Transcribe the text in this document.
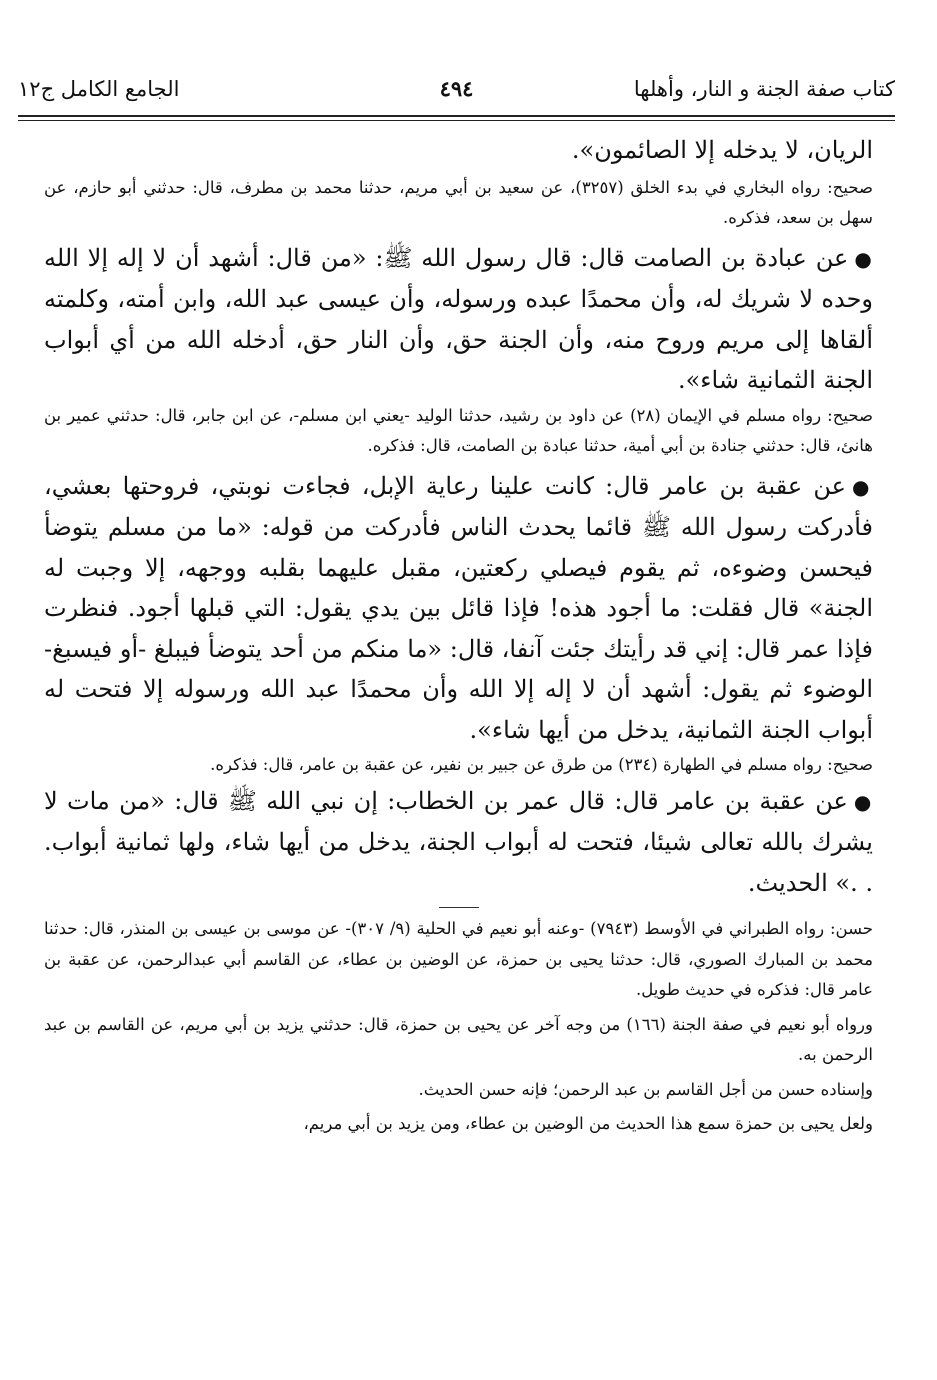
كتاب صفة الجنة و النار، وأهلها
٤٩٤
الجامع الكامل ج١٢

الريان، لا يدخله إلا الصائمون».

صحيح: رواه البخاري في بدء الخلق (٣٢٥٧)، عن سعيد بن أبي مريم، حدثنا محمد بن مطرف، قال: حدثني أبو حازم، عن سهل بن سعد، فذكره.

●عن عبادة بن الصامت قال: قال رسول الله ﷺ: «من قال: أشهد أن لا إله إلا الله وحده لا شريك له، وأن محمدًا عبده ورسوله، وأن عيسى عبد الله، وابن أمته، وكلمته ألقاها إلى مريم وروح منه، وأن الجنة حق، وأن النار حق، أدخله الله من أي أبواب الجنة الثمانية شاء».

صحيح: رواه مسلم في الإيمان (٢٨) عن داود بن رشيد، حدثنا الوليد -يعني ابن مسلم-، عن ابن جابر، قال: حدثني عمير بن هانئ، قال: حدثني جنادة بن أبي أمية، حدثنا عبادة بن الصامت، قال: فذكره.

●عن عقبة بن عامر قال: كانت علينا رعاية الإبل، فجاءت نوبتي، فروحتها بعشي، فأدركت رسول الله ﷺ قائما يحدث الناس فأدركت من قوله: «ما من مسلم يتوضأ فيحسن وضوءه، ثم يقوم فيصلي ركعتين، مقبل عليهما بقلبه ووجهه، إلا وجبت له الجنة» قال فقلت: ما أجود هذه! فإذا قائل بين يدي يقول: التي قبلها أجود. فنظرت فإذا عمر قال: إني قد رأيتك جئت آنفا، قال: «ما منكم من أحد يتوضأ فيبلغ -أو فيسبغ- الوضوء ثم يقول: أشهد أن لا إله إلا الله وأن محمدًا عبد الله ورسوله إلا فتحت له أبواب الجنة الثمانية، يدخل من أيها شاء».

صحيح: رواه مسلم في الطهارة (٢٣٤) من طرق عن جبير بن نفير، عن عقبة بن عامر، قال: فذكره.

●عن عقبة بن عامر قال: قال عمر بن الخطاب: إن نبي الله ﷺ قال: «من مات لا يشرك بالله تعالى شيئا، فتحت له أبواب الجنة، يدخل من أيها شاء، ولها ثمانية أبواب. . .» الحديث.

حسن: رواه الطبراني في الأوسط (٧٩٤٣) -وعنه أبو نعيم في الحلية (٩/ ٣٠٧)- عن موسى بن عيسى بن المنذر، قال: حدثنا محمد بن المبارك الصوري، قال: حدثنا يحيى بن حمزة، عن الوضين بن عطاء، عن القاسم أبي عبدالرحمن، عن عقبة بن عامر قال: فذكره في حديث طويل.

ورواه أبو نعيم في صفة الجنة (١٦٦) من وجه آخر عن يحيى بن حمزة، قال: حدثني يزيد بن أبي مريم، عن القاسم بن عبد الرحمن به.

وإسناده حسن من أجل القاسم بن عبد الرحمن؛ فإنه حسن الحديث.

ولعل يحيى بن حمزة سمع هذا الحديث من الوضين بن عطاء، ومن يزيد بن أبي مريم،
